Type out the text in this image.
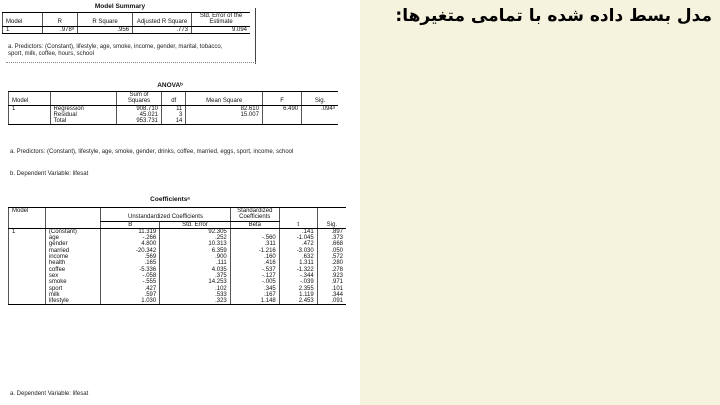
Model Summary
Model	R	R Square	Adjusted R Square	Std. Error of the Estimate
1	.978ᵃ	.956	.773	9.094
a. Predictors: (Constant), lifestyle, age, smoke, income, gender, marital, tobacco, sport, milk, coffee, hours, school
ANOVAᵇ
Model		Sum of Squares	df	Mean Square	F	Sig.
1	Regression	908.710	11	82.610	6.490	.094ᵃ
	Residual	45.021	3	15.007		
	Total	953.731	14			
a. Predictors: (Constant), lifestyle, age, smoke, gender, drinks, coffee, married, eggs, sport, income, school
b. Dependent Variable: lifesat
Coefficientsᵃ
Model		Unstandardized Coefficients		Standardized Coefficients	t	Sig.
		B	Std. Error	Beta		
1	(Constant)	11.319	92.305		.141	.897
	age	-.266	.252	-.560	-1.045	.373
	gender	4.800	10.313	.311	.472	.668
	married	-20.342	6.359	-1.216	-3.030	.050
	income	.569	.900	.160	.632	.572
	health	.165	.111	.416	1.311	.280
	coffee	-5.336	4.035	-.537	-1.322	.278
	sex	-.058	.375	-.127	-.344	.923
	smoke	-.555	14.253	-.005	-.039	.971
	sport	.427	.102	.345	2.355	.101
	milk	.597	.533	.167	1.119	.344
	lifestyle	1.030	.323	1.148	2.453	.091
a. Dependent Variable: lifesat
مدل بسط داده شده با تمامی متغیرها:
